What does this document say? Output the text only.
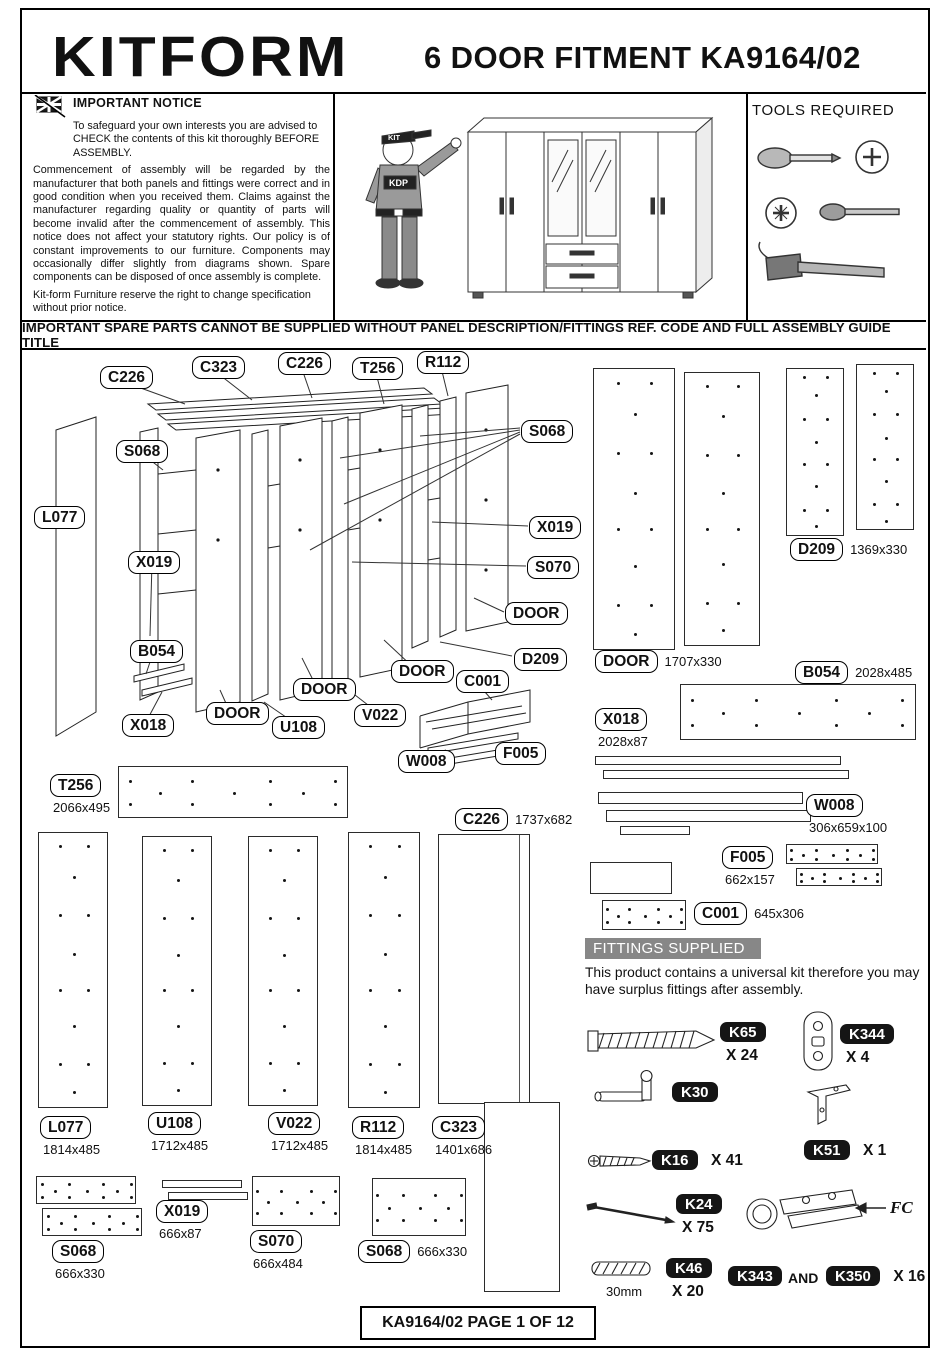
KITFORM 6 DOOR FITMENT KA9164/02
IMPORTANT NOTICE

To safeguard your own interests you are advised to CHECK the contents of this kit thoroughly BEFORE ASSEMBLY.

Commencement of assembly will be regarded by the manufacturer that both panels and fittings were correct and in good condition when you received them. Claims against the manufacturer regarding quality or quantity of parts will become invalid after the commencement of assembly. This notice does not affect your statutory rights. Our policy is of constant improvements to our furniture. Components may occasionally differ slightly from diagrams shown. Spare components can be disposed of once assembly is complete.
Kit-form Furniture reserve the right to change specification without prior notice.
TOOLS REQUIRED
IMPORTANT SPARE PARTS CANNOT BE SUPPLIED WITHOUT PANEL DESCRIPTION/FITTINGS REF. CODE AND FULL ASSEMBLY GUIDE TITLE
KIT
KDP
C226
C323	C226	T256	R112
S068
S068
L077
X019
X019
S070
DOOR
B054	D209
DOOR
DOOR
DOOR
X018	U108
V022
C001
W008	F005
DOOR 1707x330
D209 1369x330
B054 2028x485
X018
2028x87
W008
306x659x100
F005
662x157
C001 645x306
T256
2066x495
C226 1737x682
L077
1814x485
U108
1712x485
V022
1712x485
R112
1814x485
C323
1401x686
X019
666x87	S070
666x484
S068
666x330
S068 666x330
FITTINGS SUPPLIED
This product contains a universal kit therefore you may have surplus fittings after assembly.
K65
X 24
K344
X 4
K30
K51 X 1
K16 X 41
K24
X 75
K46
X 20
30mm
K343	AND	K350 X 16
FC
KA9164/02 PAGE 1 OF 12
